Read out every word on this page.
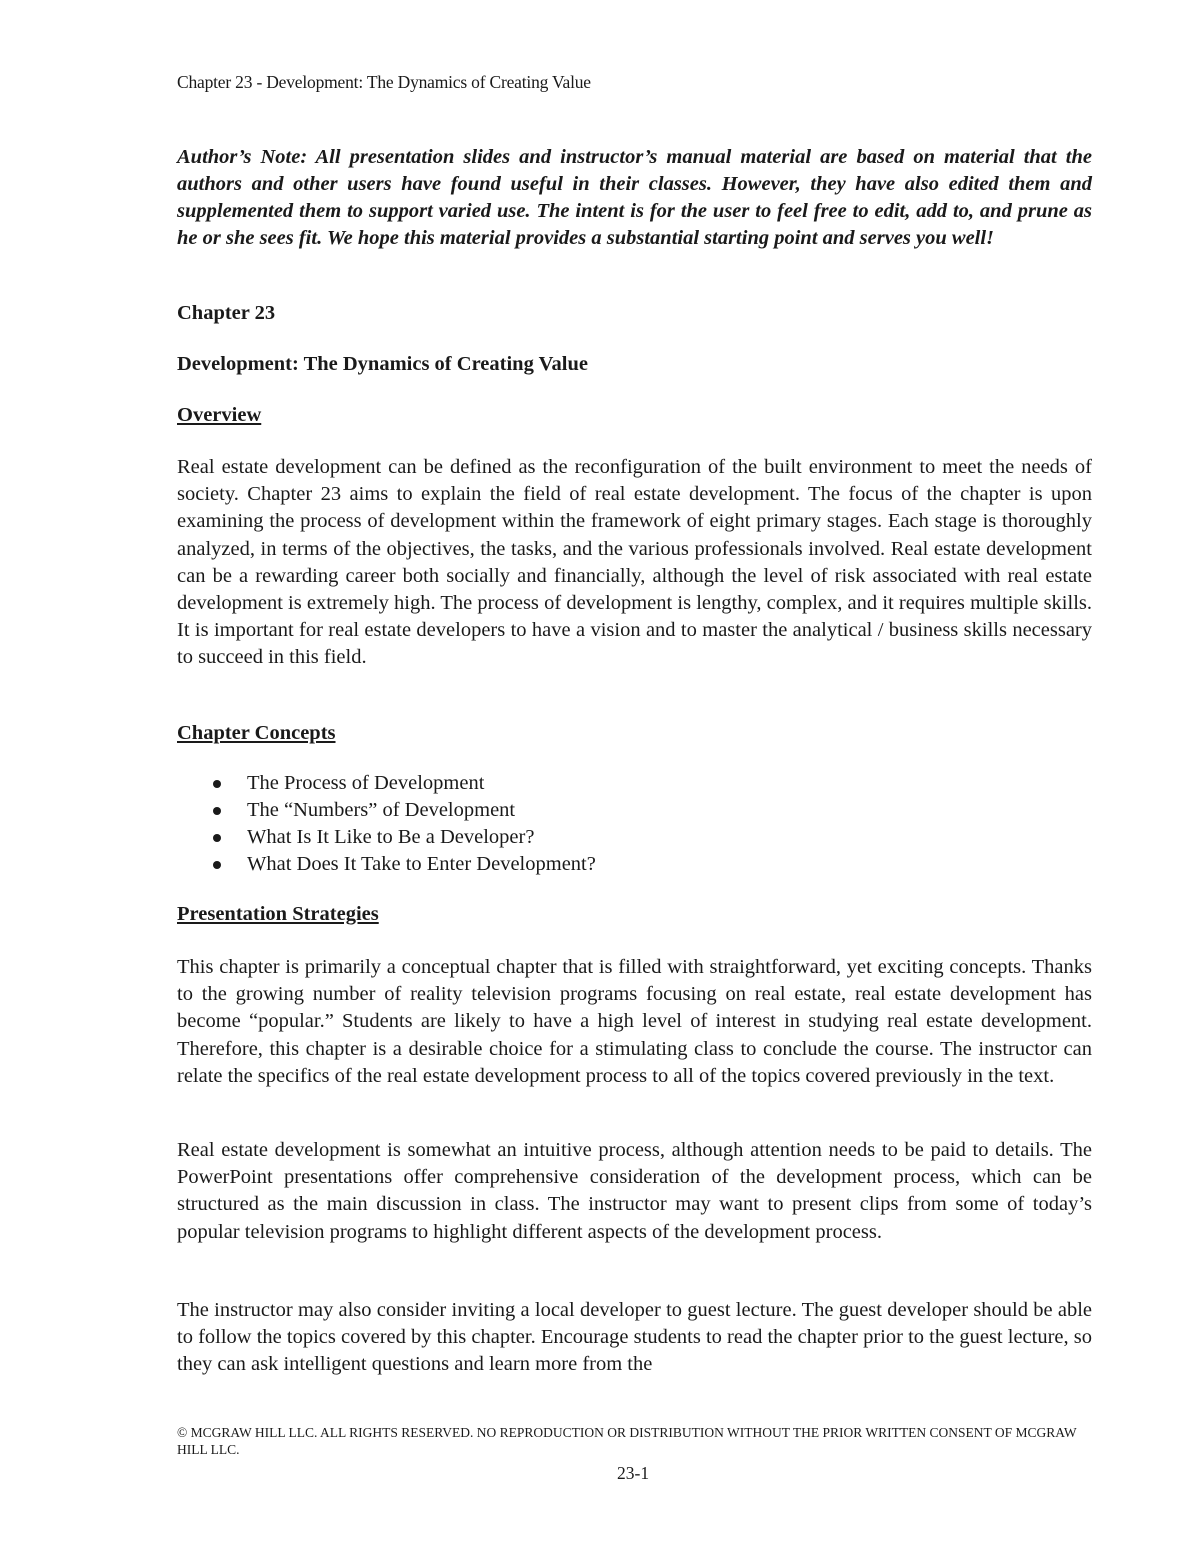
Chapter 23 - Development: The Dynamics of Creating Value

Author’s Note: All presentation slides and instructor’s manual material are based on material that the authors and other users have found useful in their classes. However, they have also edited them and supplemented them to support varied use. The intent is for the user to feel free to edit, add to, and prune as he or she sees fit. We hope this material provides a substantial starting point and serves you well!

Chapter 23
Development: The Dynamics of Creating Value
Overview

Real estate development can be defined as the reconfiguration of the built environment to meet the needs of society. Chapter 23 aims to explain the field of real estate development. The focus of the chapter is upon examining the process of development within the framework of eight primary stages. Each stage is thoroughly analyzed, in terms of the objectives, the tasks, and the various professionals involved. Real estate development can be a rewarding career both socially and financially, although the level of risk associated with real estate development is extremely high. The process of development is lengthy, complex, and it requires multiple skills. It is important for real estate developers to have a vision and to master the analytical / business skills necessary to succeed in this field.

Chapter Concepts
The Process of Development
The “Numbers” of Development
What Is It Like to Be a Developer?
What Does It Take to Enter Development?
Presentation Strategies

This chapter is primarily a conceptual chapter that is filled with straightforward, yet exciting concepts. Thanks to the growing number of reality television programs focusing on real estate, real estate development has become “popular.” Students are likely to have a high level of interest in studying real estate development. Therefore, this chapter is a desirable choice for a stimulating class to conclude the course. The instructor can relate the specifics of the real estate development process to all of the topics covered previously in the text.

Real estate development is somewhat an intuitive process, although attention needs to be paid to details. The PowerPoint presentations offer comprehensive consideration of the development process, which can be structured as the main discussion in class. The instructor may want to present clips from some of today’s popular television programs to highlight different aspects of the development process.

The instructor may also consider inviting a local developer to guest lecture. The guest developer should be able to follow the topics covered by this chapter. Encourage students to read the chapter prior to the guest lecture, so they can ask intelligent questions and learn more from the

© MCGRAW HILL LLC. ALL RIGHTS RESERVED. NO REPRODUCTION OR DISTRIBUTION WITHOUT THE PRIOR WRITTEN CONSENT OF MCGRAW HILL LLC.

23-1
